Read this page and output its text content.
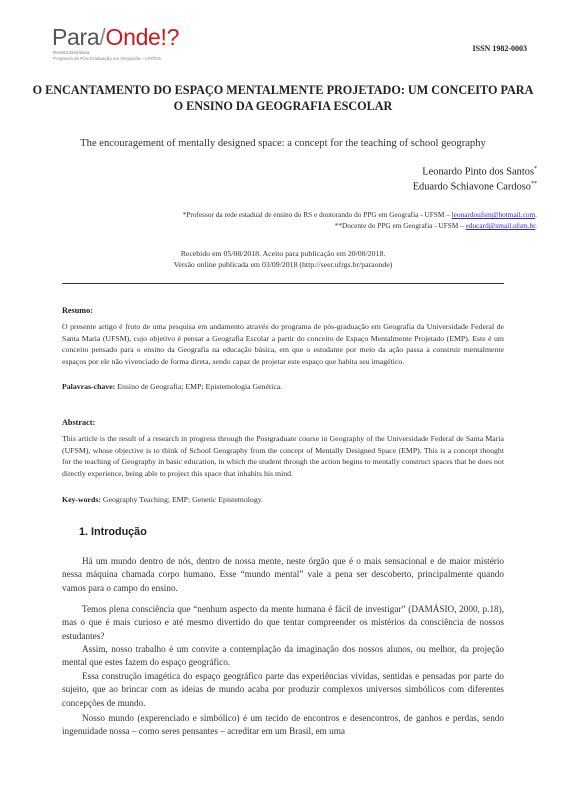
Para/Onde!?
Revista Eletrônica
Programa de Pós-Graduação em Geografia – UFRGS
ISSN 1982-0003
O ENCANTAMENTO DO ESPAÇO MENTALMENTE PROJETADO: UM CONCEITO PARA O ENSINO DA GEOGRAFIA ESCOLAR
The encouragement of mentally designed space: a concept for the teaching of school geography
Leonardo Pinto dos Santos*
Eduardo Schiavone Cardoso**
*Professor da rede estadual de ensino do RS e doutorando do PPG em Geografia - UFSM – leonardoufsm@hotmail.com.
**Docente do PPG em Geografia - UFSM – educard@smail.ufsm.br.
Recebido em 05/08/2018. Aceito para publicação em 20/08/2018.
Versão online publicada em 03/09/2018 (http://seer.ufrgs.br/paraonde)
Resumo:
O presente artigo é fruto de uma pesquisa em andamento através do programa de pós-graduação em Geografia da Universidade Federal de Santa Maria (UFSM), cujo objetivo é pensar a Geografia Escolar a partir do conceito de Espaço Mentalmente Projetado (EMP). Este é um conceito pensado para o ensino da Geografia na educação básica, em que o estudante por meio da ação passa a construir mentalmente espaços por ele não vivenciado de forma direta, sendo capaz de projetar este espaço que habita seu imagético.
Palavras-chave: Ensino de Geografia; EMP; Epistemologia Genética.
Abstract:
This article is the result of a research in progress through the Postgraduate course in Geography of the Universidade Federal de Santa Maria (UFSM), whose objective is to think of School Geography from the concept of Mentally Designed Space (EMP). This is a concept thought for the teaching of Geography in basic education, in which the student through the action begins to mentally construct spaces that he does not directly experience, being able to project this space that inhabits his mind.
Key-words: Geography Teaching; EMP; Genetic Epistemology.
1. Introdução
Há um mundo dentro de nós, dentro de nossa mente, neste órgão que é o mais sensacional e de maior mistério nessa máquina chamada corpo humano. Esse “mundo mental” vale a pena ser descoberto, principalmente quando vamos para o campo do ensino.
Temos plena consciência que “nenhum aspecto da mente humana é fácil de investigar” (DAMÁSIO, 2000, p.18), mas o que é mais curioso e até mesmo divertido do que tentar compreender os mistérios da consciência de nossos estudantes?
Assim, nosso trabalho é um convite a contemplação da imaginação dos nossos alunos, ou melhor, da projeção mental que estes fazem do espaço geográfico.
Essa construção imagética do espaço geográfico parte das experiências vividas, sentidas e pensadas por parte do sujeito, que ao brincar com as ideias de mundo acaba por produzir complexos universos simbólicos com diferentes concepções de mundo.
Nosso mundo (experenciado e simbólico) é um tecido de encontros e desencontros, de ganhos e perdas, sendo ingenuidade nossa – como seres pensantes – acreditar em um Brasil, em uma
